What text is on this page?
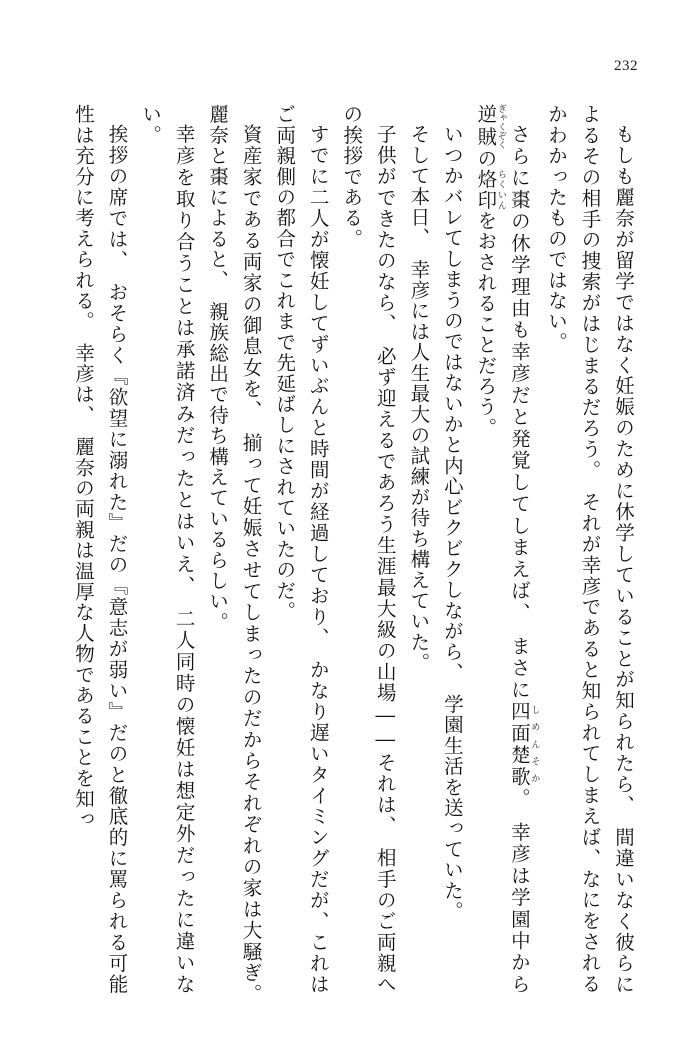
232

もしも麗奈が留学ではなく妊娠のために休学していることが知られたら、　間違いなく彼らによるその相手の捜索がはじまるだろう。　それが幸彦であると知られてしまえば、なにをされるかわかったものではない。

さらに棗の休学理由も幸彦だと発覚してしまえば、　まさに四面楚歌しめんそか。　幸彦は学園中から逆賊ぎゃくぞくの烙印らくいんをおされることだろう。

いつかバレてしまうのではないかと内心ビクビクしながら、　学園生活を送っていた。

そして本日、　幸彦には人生最大の試練が待ち構えていた。

子供ができたのなら、　必ず迎えるであろう生涯最大級の山場――それは、　相手のご両親への挨拶である。

すでに二人が懐妊してずいぶんと時間が経過しており、　かなり遅いタイミングだが、これはご両親側の都合でこれまで先延ばしにされていたのだ。

資産家である両家の御息女を、　揃って妊娠させてしまったのだからそれぞれの家は大騒ぎ。　麗奈と棗によると、　親族総出で待ち構えているらしい。

幸彦を取り合うことは承諾済みだったとはいえ、　二人同時の懐妊は想定外だったに違いない。

挨拶の席では、　おそらく『欲望に溺れた』だの『意志が弱い』だのと徹底的に罵られる可能性は充分に考えられる。　幸彦は、　麗奈の両親は温厚な人物であることを知っ
